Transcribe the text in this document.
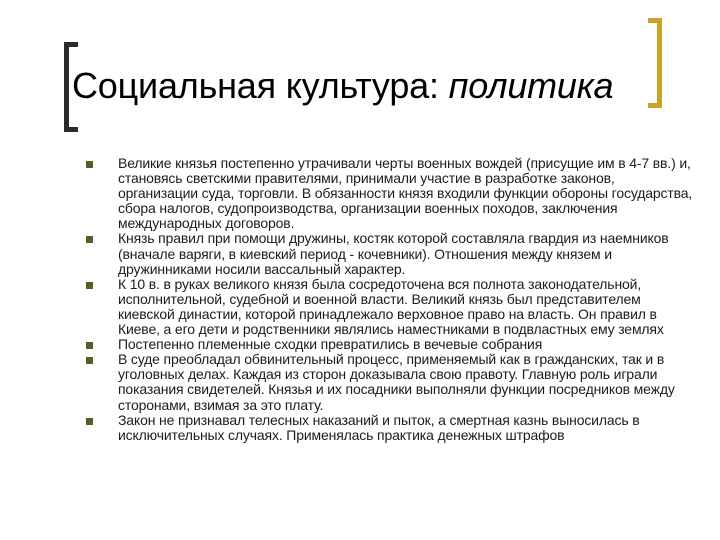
Социальная культура: политика
Великие князья постепенно утрачивали черты военных вождей (присущие им в 4-7 вв.) и, становясь светскими правителями, принимали участие в разработке законов, организации суда, торговли. В обязанности князя входили функции обороны государства, сбора налогов, судопроизводства, организации военных походов, заключения международных договоров.
Князь правил при помощи дружины, костяк которой составляла гвардия из наемников (вначале варяги, в киевский период - кочевники). Отношения между князем и дружинниками носили вассальный характер.
К 10 в. в руках великого князя была сосредоточена вся полнота законодательной, исполнительной, судебной и военной власти. Великий князь был представителем киевской династии, которой принадлежало верховное право на власть. Он правил в Киеве, а его дети и родственники являлись наместниками в подвластных ему землях
Постепенно племенные сходки превратились в вечевые собрания
В суде преобладал обвинительный процесс, применяемый как в гражданских, так и в уголовных делах. Каждая из сторон доказывала свою правоту. Главную роль играли показания свидетелей. Князья и их посадники выполняли функции посредников между сторонами, взимая за это плату.
Закон не признавал телесных наказаний и пыток, а смертная казнь выносилась в исключительных случаях. Применялась практика денежных штрафов
